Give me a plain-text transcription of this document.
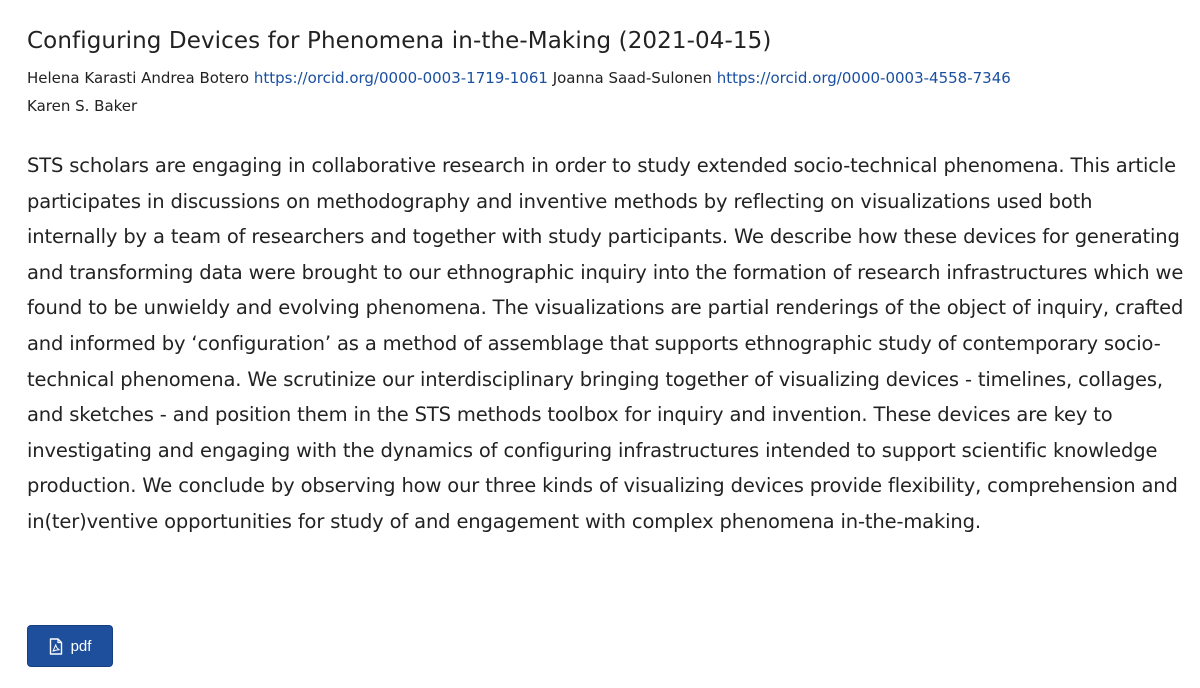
Configuring Devices for Phenomena in-the-Making (2021-04-15)
Helena Karasti Andrea Botero https://orcid.org/0000-0003-1719-1061 Joanna Saad-Sulonen https://orcid.org/0000-0003-4558-7346
Karen S. Baker

STS scholars are engaging in collaborative research in order to study extended socio-technical phenomena. This article participates in discussions on methodography and inventive methods by reflecting on visualizations used both internally by a team of researchers and together with study participants. We describe how these devices for generating and transforming data were brought to our ethnographic inquiry into the formation of research infrastructures which we found to be unwieldy and evolving phenomena. The visualizations are partial renderings of the object of inquiry, crafted and informed by ‘configuration’ as a method of assemblage that supports ethnographic study of contemporary socio-technical phenomena. We scrutinize our interdisciplinary bringing together of visualizing devices - timelines, collages, and sketches - and position them in the STS methods toolbox for inquiry and invention. These devices are key to investigating and engaging with the dynamics of configuring infrastructures intended to support scientific knowledge production. We conclude by observing how our three kinds of visualizing devices provide flexibility, comprehension and in(ter)ventive opportunities for study of and engagement with complex phenomena in-the-making.

pdf
